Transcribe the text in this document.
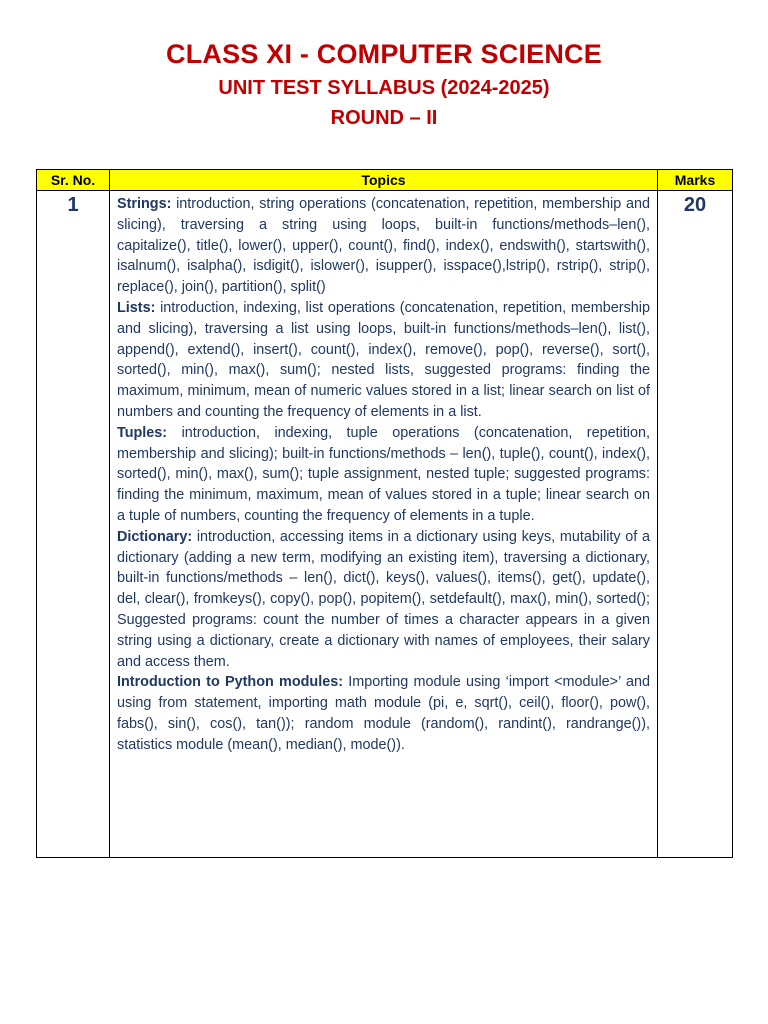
CLASS XI - COMPUTER SCIENCE
UNIT TEST SYLLABUS (2024-2025)
ROUND – II
Sr. No.	Topics	Marks
1	Strings: introduction, string operations (concatenation, repetition, membership and slicing), traversing a string using loops, built-in functions/methods–len(), capitalize(), title(), lower(), upper(), count(), find(), index(), endswith(), startswith(), isalnum(), isalpha(), isdigit(), islower(), isupper(), isspace(),lstrip(), rstrip(), strip(), replace(), join(), partition(), split()

Lists: introduction, indexing, list operations (concatenation, repetition, membership and slicing), traversing a list using loops, built-in functions/methods–len(), list(), append(), extend(), insert(), count(), index(), remove(), pop(), reverse(), sort(), sorted(), min(), max(), sum(); nested lists, suggested programs: finding the maximum, minimum, mean of numeric values stored in a list; linear search on list of numbers and counting the frequency of elements in a list.

Tuples: introduction, indexing, tuple operations (concatenation, repetition, membership and slicing); built-in functions/methods – len(), tuple(), count(), index(), sorted(), min(), max(), sum(); tuple assignment, nested tuple; suggested programs: finding the minimum, maximum, mean of values stored in a tuple; linear search on a tuple of numbers, counting the frequency of elements in a tuple.

Dictionary: introduction, accessing items in a dictionary using keys, mutability of a dictionary (adding a new term, modifying an existing item), traversing a dictionary, built-in functions/methods – len(), dict(), keys(), values(), items(), get(), update(), del, clear(), fromkeys(), copy(), pop(), popitem(), setdefault(), max(), min(), sorted(); Suggested programs: count the number of times a character appears in a given string using a dictionary, create a dictionary with names of employees, their salary and access them.

Introduction to Python modules: Importing module using ‘import <module>’ and using from statement, importing math module (pi, e, sqrt(), ceil(), floor(), pow(), fabs(), sin(), cos(), tan()); random module (random(), randint(), randrange()), statistics module (mean(), median(), mode()).	20
